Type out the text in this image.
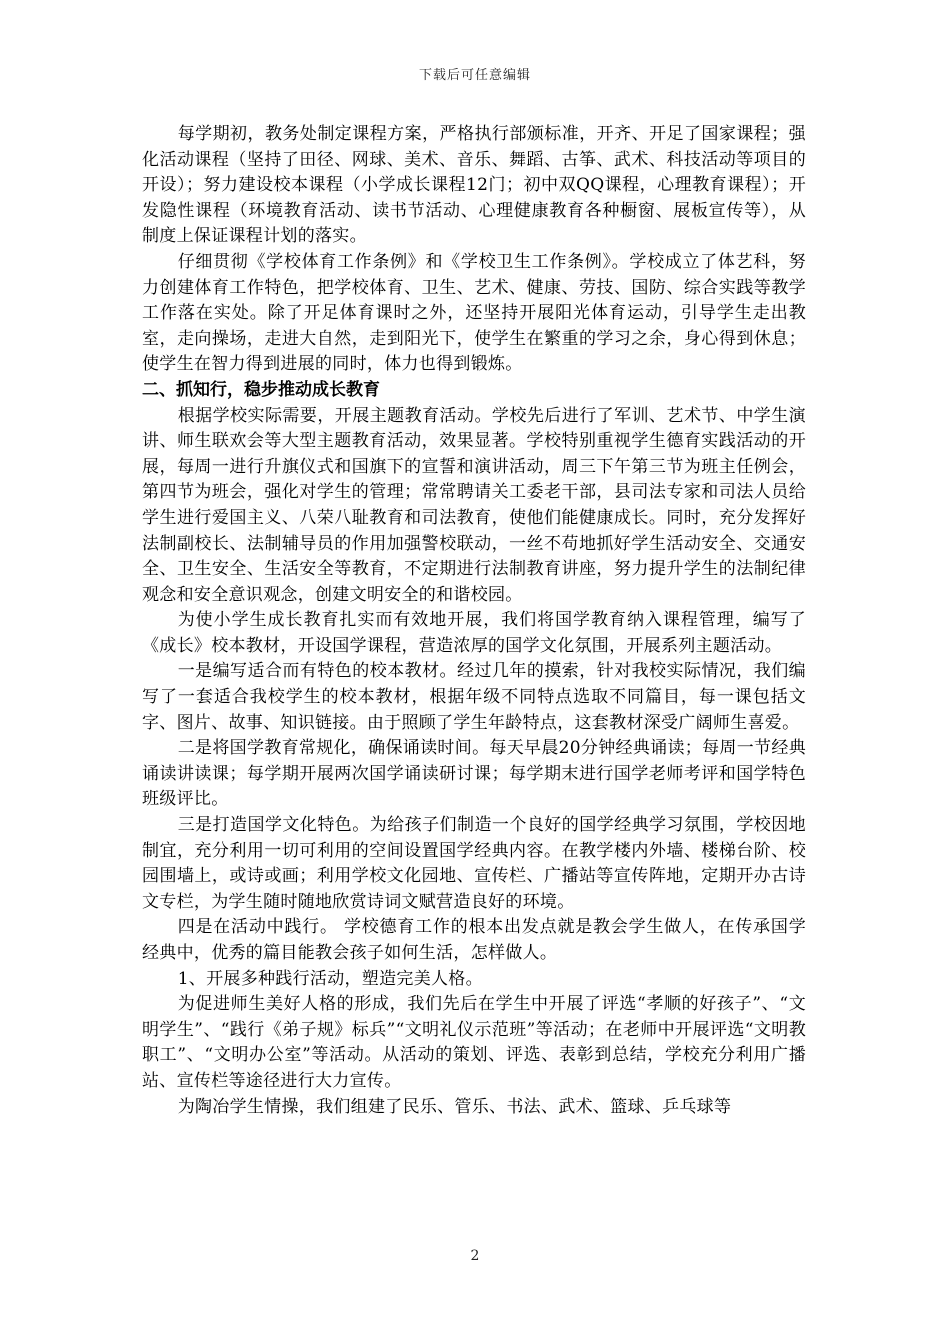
下载后可任意编辑

每学期初，教务处制定课程方案，严格执行部颁标准，开齐、开足了国家课程；强化活动课程（坚持了田径、网球、美术、音乐、舞蹈、古筝、武术、科技活动等项目的开设）；努力建设校本课程（小学成长课程12门；初中双QQ课程，心理教育课程）；开发隐性课程（环境教育活动、读书节活动、心理健康教育各种橱窗、展板宣传等），从制度上保证课程计划的落实。

仔细贯彻《学校体育工作条例》和《学校卫生工作条例》。学校成立了体艺科，努力创建体育工作特色，把学校体育、卫生、艺术、健康、劳技、国防、综合实践等教学工作落在实处。除了开足体育课时之外，还坚持开展阳光体育运动，引导学生走出教室，走向操场，走进大自然，走到阳光下，使学生在繁重的学习之余，身心得到休息；使学生在智力得到进展的同时，体力也得到锻炼。

二、抓知行，稳步推动成长教育

根据学校实际需要，开展主题教育活动。学校先后进行了军训、艺术节、中学生演讲、师生联欢会等大型主题教育活动，效果显著。学校特别重视学生德育实践活动的开展，每周一进行升旗仪式和国旗下的宣誓和演讲活动，周三下午第三节为班主任例会，第四节为班会，强化对学生的管理；常常聘请关工委老干部，县司法专家和司法人员给学生进行爱国主义、八荣八耻教育和司法教育，使他们能健康成长。同时，充分发挥好法制副校长、法制辅导员的作用加强警校联动，一丝不苟地抓好学生活动安全、交通安全、卫生安全、生活安全等教育，不定期进行法制教育讲座，努力提升学生的法制纪律观念和安全意识观念，创建文明安全的和谐校园。

为使小学生成长教育扎实而有效地开展，我们将国学教育纳入课程管理，编写了《成长》校本教材，开设国学课程，营造浓厚的国学文化氛围，开展系列主题活动。

一是编写适合而有特色的校本教材。经过几年的摸索，针对我校实际情况，我们编写了一套适合我校学生的校本教材，根据年级不同特点选取不同篇目，每一课包括文字、图片、故事、知识链接。由于照顾了学生年龄特点，这套教材深受广阔师生喜爱。

二是将国学教育常规化，确保诵读时间。每天早晨20分钟经典诵读；每周一节经典诵读讲读课；每学期开展两次国学诵读研讨课；每学期末进行国学老师考评和国学特色班级评比。

三是打造国学文化特色。为给孩子们制造一个良好的国学经典学习氛围，学校因地制宜，充分利用一切可利用的空间设置国学经典内容。在教学楼内外墙、楼梯台阶、校园围墙上，或诗或画；利用学校文化园地、宣传栏、广播站等宣传阵地，定期开办古诗文专栏，为学生随时随地欣赏诗词文赋营造良好的环境。

四是在活动中践行。 学校德育工作的根本出发点就是教会学生做人，在传承国学经典中，优秀的篇目能教会孩子如何生活，怎样做人。

1、开展多种践行活动，塑造完美人格。

为促进师生美好人格的形成，我们先后在学生中开展了评选“孝顺的好孩子”、“文明学生”、“践行《弟子规》标兵”“文明礼仪示范班”等活动；在老师中开展评选“文明教职工”、“文明办公室”等活动。从活动的策划、评选、表彰到总结，学校充分利用广播站、宣传栏等途径进行大力宣传。

为陶冶学生情操，我们组建了民乐、管乐、书法、武术、篮球、乒乓球等

2
